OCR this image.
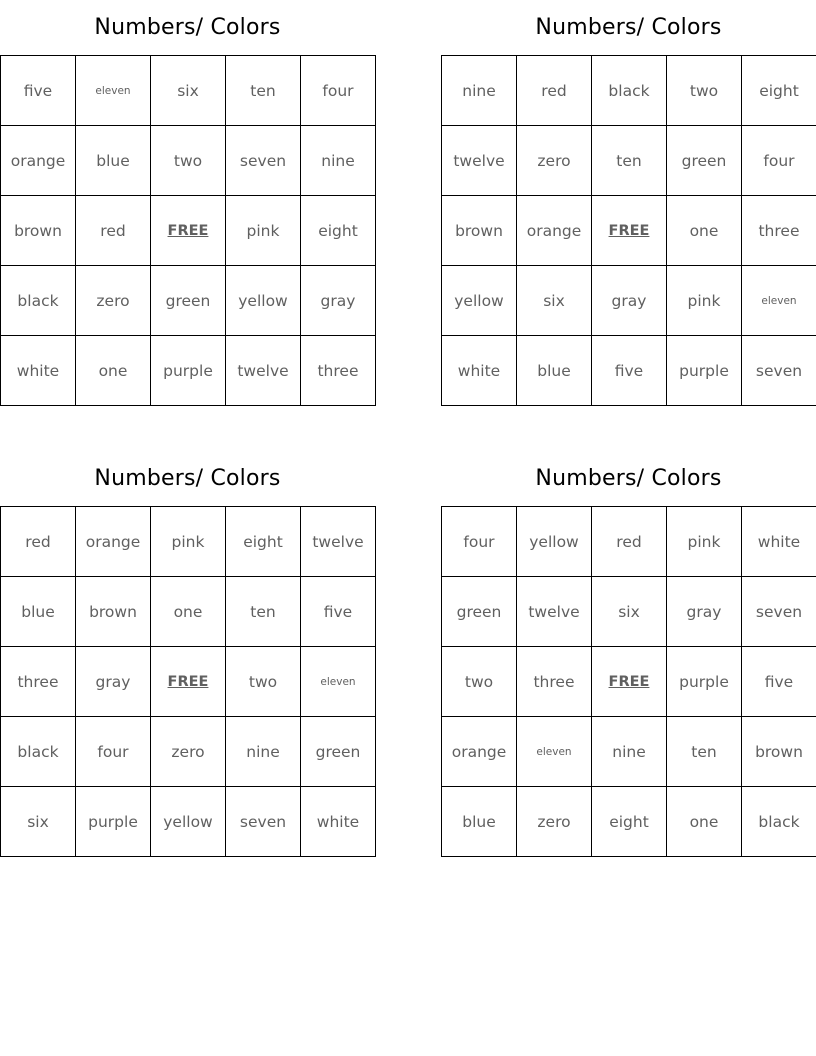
Numbers/ Colors
five	eleven	six	ten	four
orange	blue	two	seven	nine
brown	red	FREE	pink	eight
black	zero	green	yellow	gray
white	one	purple	twelve	three
Numbers/ Colors
nine	red	black	two	eight
twelve	zero	ten	green	four
brown	orange	FREE	one	three
yellow	six	gray	pink	eleven
white	blue	five	purple	seven
Numbers/ Colors
red	orange	pink	eight	twelve
blue	brown	one	ten	five
three	gray	FREE	two	eleven
black	four	zero	nine	green
six	purple	yellow	seven	white
Numbers/ Colors
four	yellow	red	pink	white
green	twelve	six	gray	seven
two	three	FREE	purple	five
orange	eleven	nine	ten	brown
blue	zero	eight	one	black
